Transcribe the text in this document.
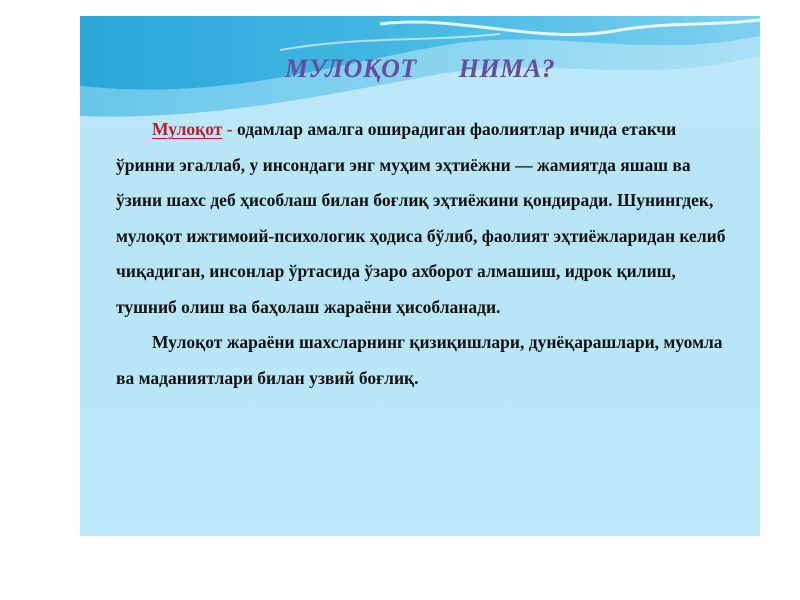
МУЛОҚОТ      НИМА?

Мулоқот - одамлар амалга оширадиган фаолиятлар ичида етакчи ўринни эгаллаб, у инсондаги энг муҳим эҳтиёжни — жамиятда яшаш ва ўзини шахс деб ҳисоблаш билан боғлиқ эҳтиёжини қондиради. Шунингдек, мулоқот ижтимоий-психологик ҳодиса бўлиб, фаолият эҳтиёжларидан келиб чиқадиган, инсонлар ўртасида ўзаро ахборот алмашиш, идрок қилиш, тушниб олиш ва баҳолаш жараёни ҳисобланади.

Мулоқот жараёни шахсларнинг қизиқишлари, дунёқарашлари, муомла ва маданиятлари билан узвий боғлиқ.
